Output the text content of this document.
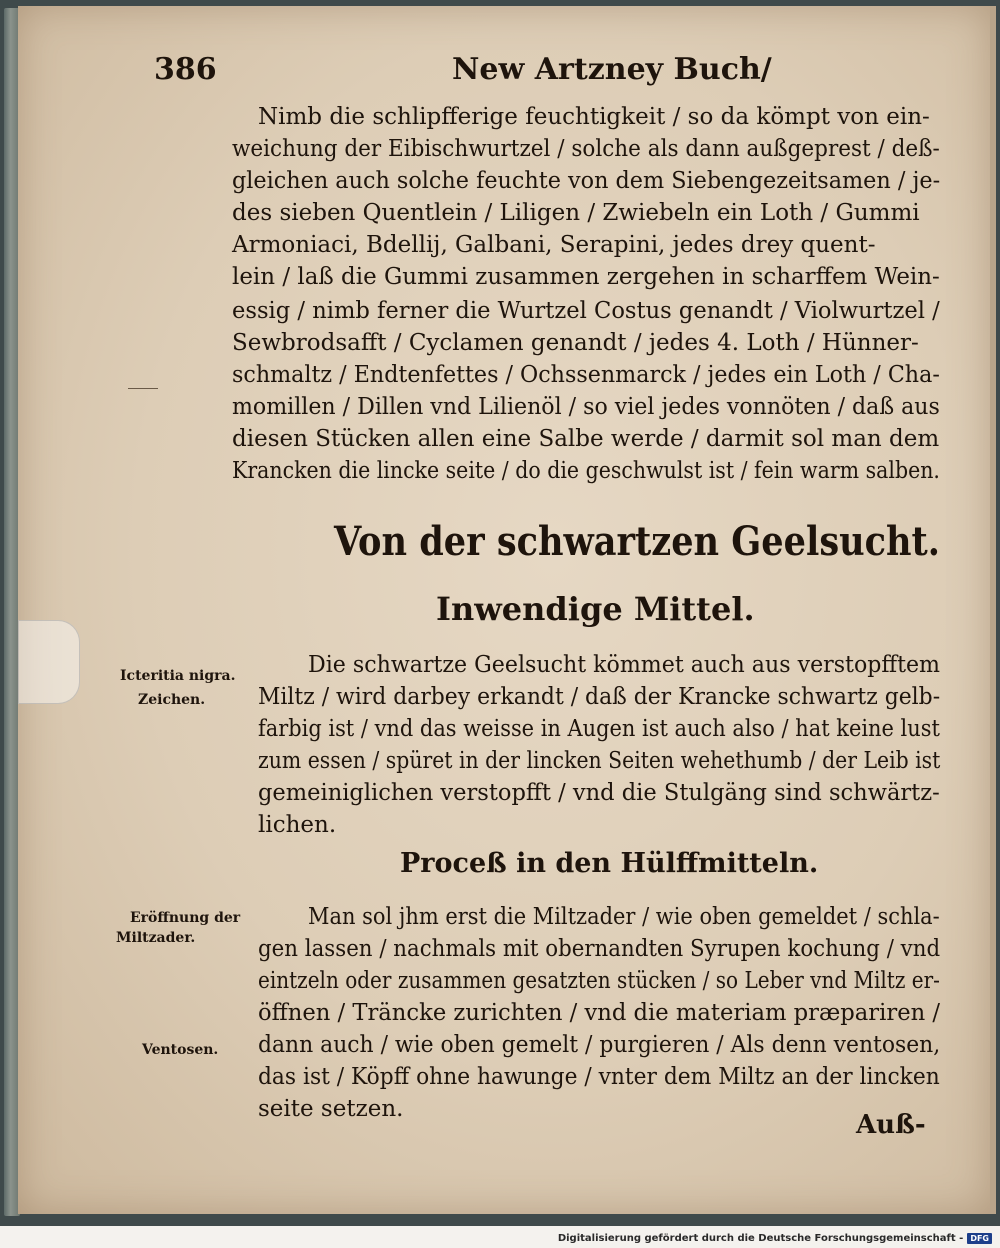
386	New Artzney Buch/
Nimb die schlipfferige feuchtigkeit / so da kömpt von ein-
weichung der Eibischwurtzel / solche als dann außgeprest / deß-
gleichen auch solche feuchte von dem Siebengezeitsamen / je-
des sieben Quentlein / Liligen / Zwiebeln ein Loth / Gummi
Armoniaci, Bdellij, Galbani, Serapini, jedes drey quent-
lein / laß die Gummi zusammen zergehen in scharffem Wein-
essig / nimb ferner die Wurtzel Costus genandt / Violwurtzel /
Sewbrodsafft / Cyclamen genandt / jedes 4. Loth / Hünner-
schmaltz / Endtenfettes / Ochssenmarck / jedes ein Loth / Cha-
momillen / Dillen vnd Lilienöl / so viel jedes vonnöten / daß aus
diesen Stücken allen eine Salbe werde / darmit sol man dem
Krancken die lincke seite / do die geschwulst ist / fein warm salben.
Von der schwartzen Geelsucht.
Inwendige Mittel.
Icteritia nigra.
Zeichen.
Die schwartze Geelsucht kömmet auch aus verstopfftem
Miltz / wird darbey erkandt / daß der Krancke schwartz gelb-
farbig ist / vnd das weisse in Augen ist auch also / hat keine lust
zum essen / spüret in der lincken Seiten wehethumb / der Leib ist
gemeiniglichen verstopfft / vnd die Stulgäng sind schwärtz-
lichen.
Proceß in den Hülffmitteln.
Eröffnung der
Miltzader.
Ventosen.
Man sol jhm erst die Miltzader / wie oben gemeldet / schla-
gen lassen / nachmals mit obernandten Syrupen kochung / vnd
eintzeln oder zusammen gesatzten stücken / so Leber vnd Miltz er-
öffnen / Träncke zurichten / vnd die materiam præpariren /
dann auch / wie oben gemelt / purgieren / Als denn ventosen,
das ist / Köpff ohne hawunge / vnter dem Miltz an der lincken
seite setzen.
Auß-
Digitalisierung gefördert durch die Deutsche Forschungsgemeinschaft - DFG
